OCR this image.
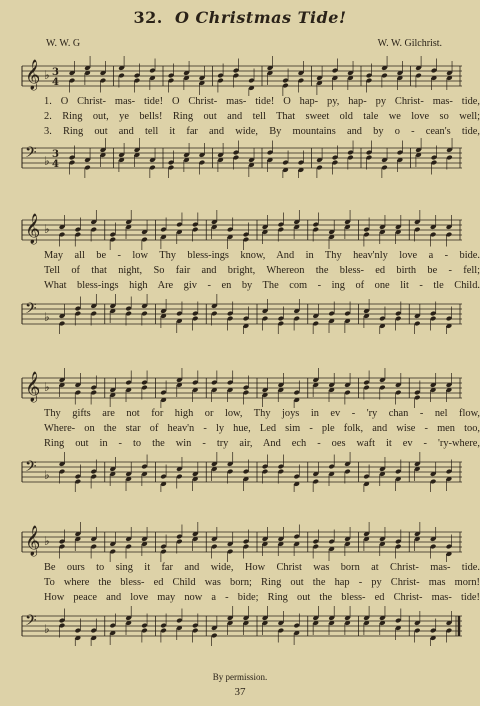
32. O Christmas Tide!
W. W. G	W. W. Gilchrist.
𝄞 ♭ 3
4
1. O Christ- mas- tide! O Christ- mas- tide! O hap- py, hap- py Christ- mas- tide,
2. Ring out, ye bells! Ring out and tell That sweet old tale we love so well;
3. Ring out and tell it far and wide, By mountains and by o - cean's tide,
𝄢 ♭ 3
4
𝄞 ♭
May all be - low Thy bless-ings know, And in Thy heav'nly love a - bide.
Tell of that night, So fair and bright, Whereon the bless- ed birth be - fell;
What bless-ings high Are giv - en by The com - ing of one lit - tle Child.
𝄢 ♭
𝄞 ♭
Thy gifts are not for high or low, Thy joys in ev - 'ry chan - nel flow,
Where- on the star of heav'n - ly hue, Led sim - ple folk, and wise - men too,
Ring out in - to the win - try air, And ech - oes waft it ev - 'ry-where,
𝄢 ♭
𝄞 ♭
Be ours to sing it far and wide, How Christ was born at Christ- mas- tide.
To where the bless- ed Child was born; Ring out the hap - py Christ- mas morn!
How peace and love may now a - bide; Ring out the bless- ed Christ- mas- tide!
𝄢 ♭
By permission.
37
